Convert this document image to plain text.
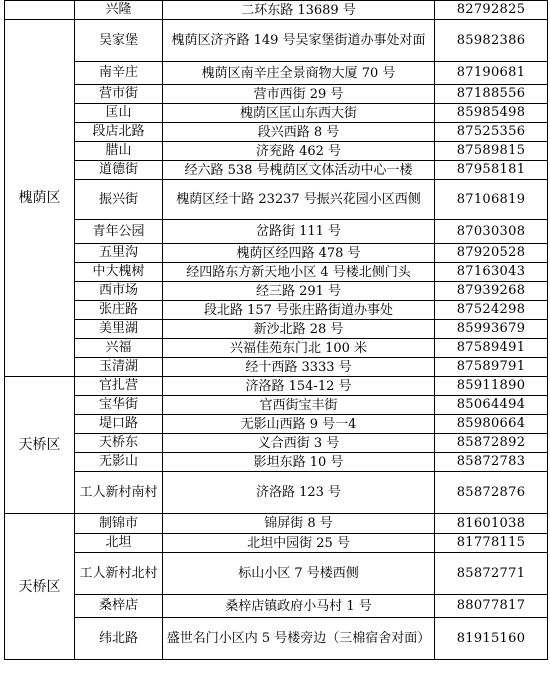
	兴隆	二环东路 13689 号	82792825
槐荫区	吴家堡	槐荫区济齐路 149 号吴家堡街道办事处对面	85982386
	南辛庄	槐荫区南辛庄全景商物大厦 70 号	87190681
	营市街	营市西街 29 号	87188556
	匡山	槐荫区匡山东西大街	85985498
	段店北路	段兴西路 8 号	87525356
	腊山	济兖路 462 号	87589815
	道德街	经六路 538 号槐荫区文体活动中心一楼	87958181
	振兴街	槐荫区经十路 23237 号振兴花园小区西侧	87106819
	青年公园	岔路街 111 号	87030308
	五里沟	槐荫区经四路 478 号	87920528
	中大槐树	经四路东方新天地小区 4 号楼北侧门头	87163043
	西市场	经三路 291 号	87939268
	张庄路	段北路 157 号张庄路街道办事处	87524298
	美里湖	新沙北路 28 号	85993679
	兴福	兴福佳苑东门北 100 米	87589491
	玉清湖	经十西路 3333 号	87589791
天桥区	官扎营	济洛路 154-12 号	85911890
	宝华街	官西街宝丰街	85064494
	堤口路	无影山西路 9 号一4	85980664
	天桥东	义合西街 3 号	85872892
	无影山	影坦东路 10 号	85872783
	工人新村南村	济洛路 123 号	85872876
天桥区	制锦市	锦屏街 8 号	81601038
	北坦	北坦中园街 25 号	81778115
	工人新村北村	标山小区 7 号楼西侧	85872771
	桑梓店	桑梓店镇政府小马村 1 号	88077817
	纬北路	盛世名门小区内 5 号楼旁边（三棉宿舍对面）	81915160
